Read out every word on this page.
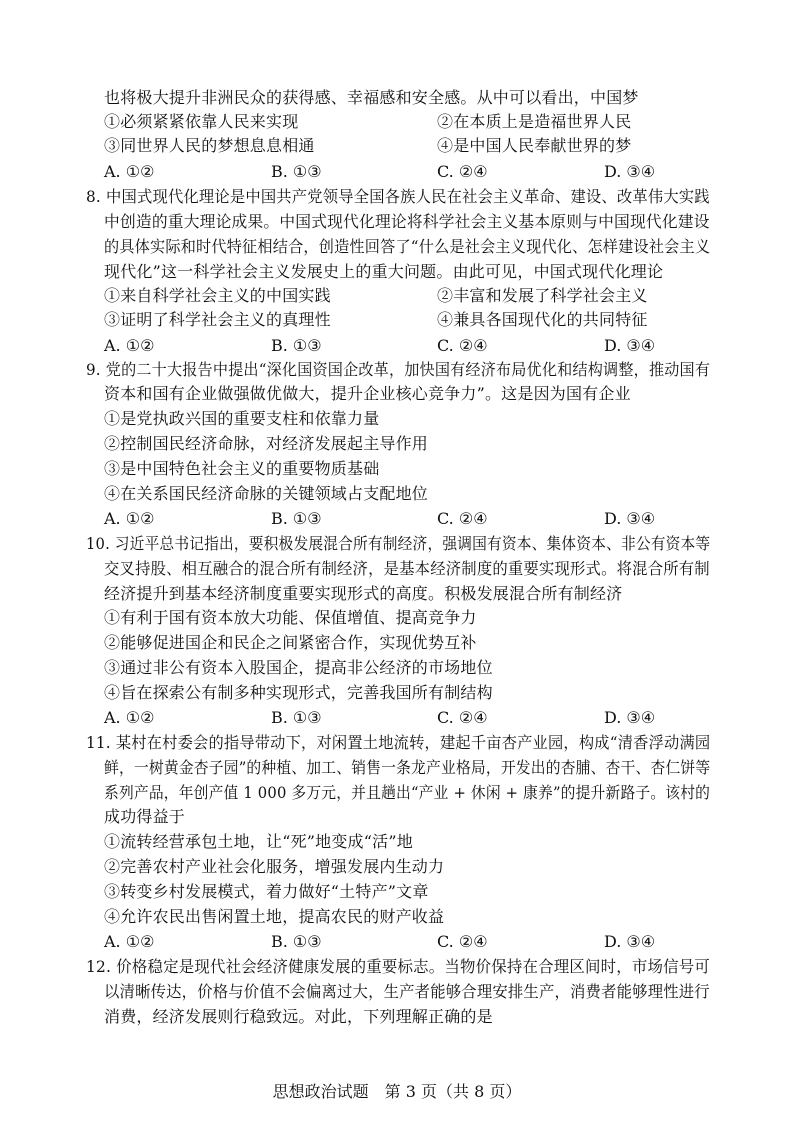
也将极大提升非洲民众的获得感、幸福感和安全感。从中可以看出，中国梦
①必须紧紧依靠人民来实现	②在本质上是造福世界人民
③同世界人民的梦想息息相通	④是中国人民奉献世界的梦
A. ①②	B. ①③	C. ②④	D. ③④
8. 中国式现代化理论是中国共产党领导全国各族人民在社会主义革命、建设、改革伟大实践
中创造的重大理论成果。中国式现代化理论将科学社会主义基本原则与中国现代化建设
的具体实际和时代特征相结合，创造性回答了“什么是社会主义现代化、怎样建设社会主义
现代化”这一科学社会主义发展史上的重大问题。由此可见，中国式现代化理论
①来自科学社会主义的中国实践	②丰富和发展了科学社会主义
③证明了科学社会主义的真理性	④兼具各国现代化的共同特征
A. ①②	B. ①③	C. ②④	D. ③④
9. 党的二十大报告中提出“深化国资国企改革，加快国有经济布局优化和结构调整，推动国有
资本和国有企业做强做优做大，提升企业核心竞争力”。这是因为国有企业
①是党执政兴国的重要支柱和依靠力量
②控制国民经济命脉，对经济发展起主导作用
③是中国特色社会主义的重要物质基础
④在关系国民经济命脉的关键领域占支配地位
A. ①②	B. ①③	C. ②④	D. ③④
10. 习近平总书记指出，要积极发展混合所有制经济，强调国有资本、集体资本、非公有资本等
交叉持股、相互融合的混合所有制经济，是基本经济制度的重要实现形式。将混合所有制
经济提升到基本经济制度重要实现形式的高度。积极发展混合所有制经济
①有利于国有资本放大功能、保值增值、提高竞争力
②能够促进国企和民企之间紧密合作，实现优势互补
③通过非公有资本入股国企，提高非公经济的市场地位
④旨在探索公有制多种实现形式，完善我国所有制结构
A. ①②	B. ①③	C. ②④	D. ③④
11. 某村在村委会的指导带动下，对闲置土地流转，建起千亩杏产业园，构成“清香浮动满园
鲜，一树黄金杏子园”的种植、加工、销售一条龙产业格局，开发出的杏脯、杏干、杏仁饼等
系列产品，年创产值 1 000 多万元，并且趟出“产业 + 休闲 + 康养”的提升新路子。该村的
成功得益于
①流转经营承包土地，让“死”地变成“活”地
②完善农村产业社会化服务，增强发展内生动力
③转变乡村发展模式，着力做好“土特产”文章
④允许农民出售闲置土地，提高农民的财产收益
A. ①②	B. ①③	C. ②④	D. ③④
12. 价格稳定是现代社会经济健康发展的重要标志。当物价保持在合理区间时，市场信号可
以清晰传达，价格与价值不会偏离过大，生产者能够合理安排生产，消费者能够理性进行
消费，经济发展则行稳致远。对此，下列理解正确的是
思想政治试题　第 3 页（共 8 页）
